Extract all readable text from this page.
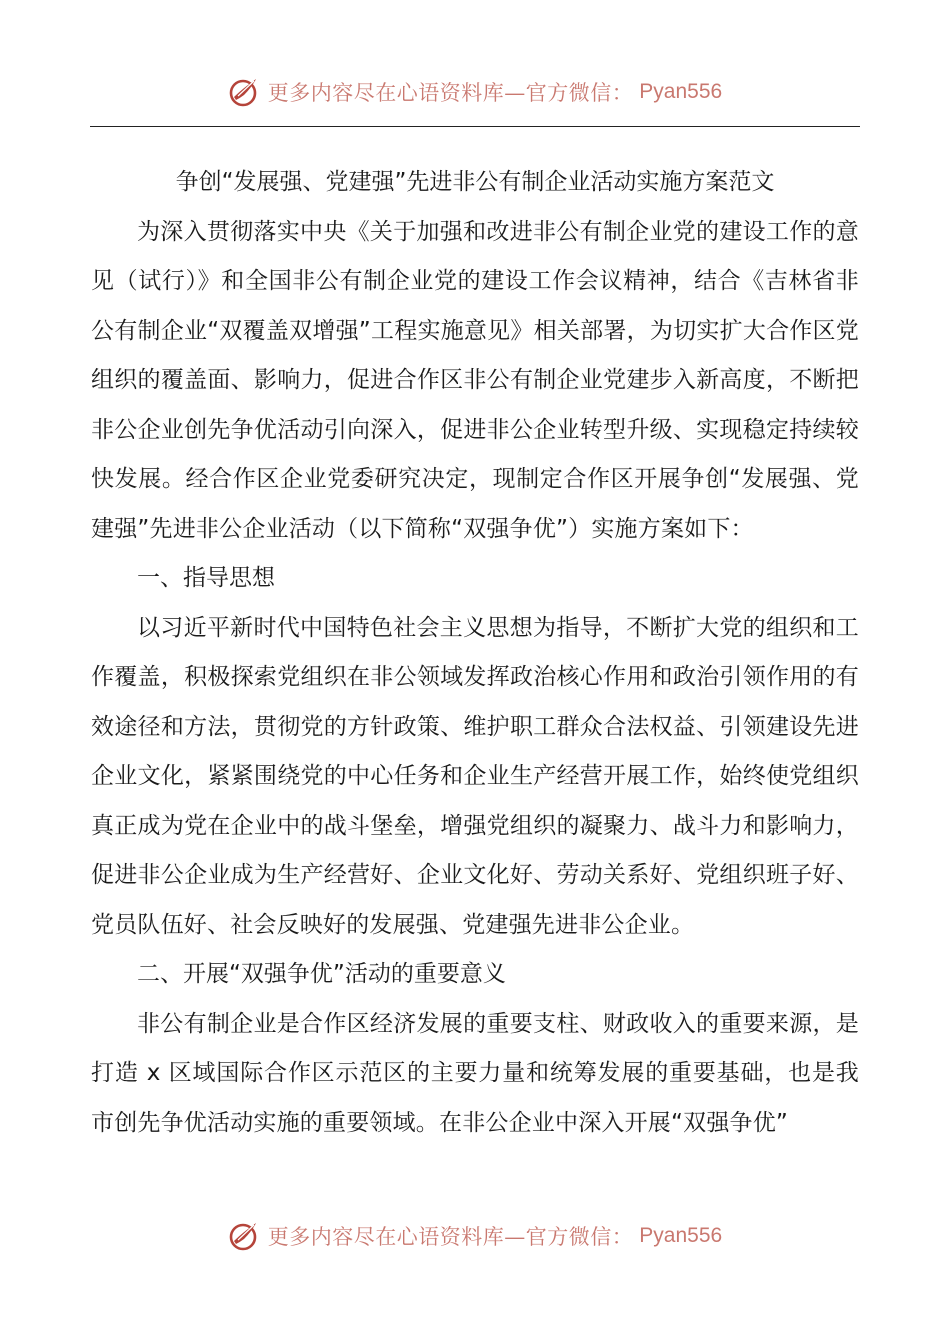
更多内容尽在心语资料库—官方微信： Pyan556
争创“发展强、党建强”先进非公有制企业活动实施方案范文

为深入贯彻落实中央《关于加强和改进非公有制企业党的建设工作的意见（试行）》和全国非公有制企业党的建设工作会议精神，结合《吉林省非公有制企业“双覆盖双增强”工程实施意见》相关部署，为切实扩大合作区党组织的覆盖面、影响力，促进合作区非公有制企业党建步入新高度，不断把非公企业创先争优活动引向深入，促进非公企业转型升级、实现稳定持续较快发展。经合作区企业党委研究决定，现制定合作区开展争创“发展强、党建强”先进非公企业活动（以下简称“双强争优”）实施方案如下：

一、指导思想

以习近平新时代中国特色社会主义思想为指导，不断扩大党的组织和工作覆盖，积极探索党组织在非公领域发挥政治核心作用和政治引领作用的有效途径和方法，贯彻党的方针政策、维护职工群众合法权益、引领建设先进企业文化，紧紧围绕党的中心任务和企业生产经营开展工作，始终使党组织真正成为党在企业中的战斗堡垒，增强党组织的凝聚力、战斗力和影响力，促进非公企业成为生产经营好、企业文化好、劳动关系好、党组织班子好、党员队伍好、社会反映好的发展强、党建强先进非公企业。

二、开展“双强争优”活动的重要意义

非公有制企业是合作区经济发展的重要支柱、财政收入的重要来源，是打造 x 区域国际合作区示范区的主要力量和统筹发展的重要基础，也是我市创先争优活动实施的重要领域。在非公企业中深入开展“双强争优”

更多内容尽在心语资料库—官方微信： Pyan556
